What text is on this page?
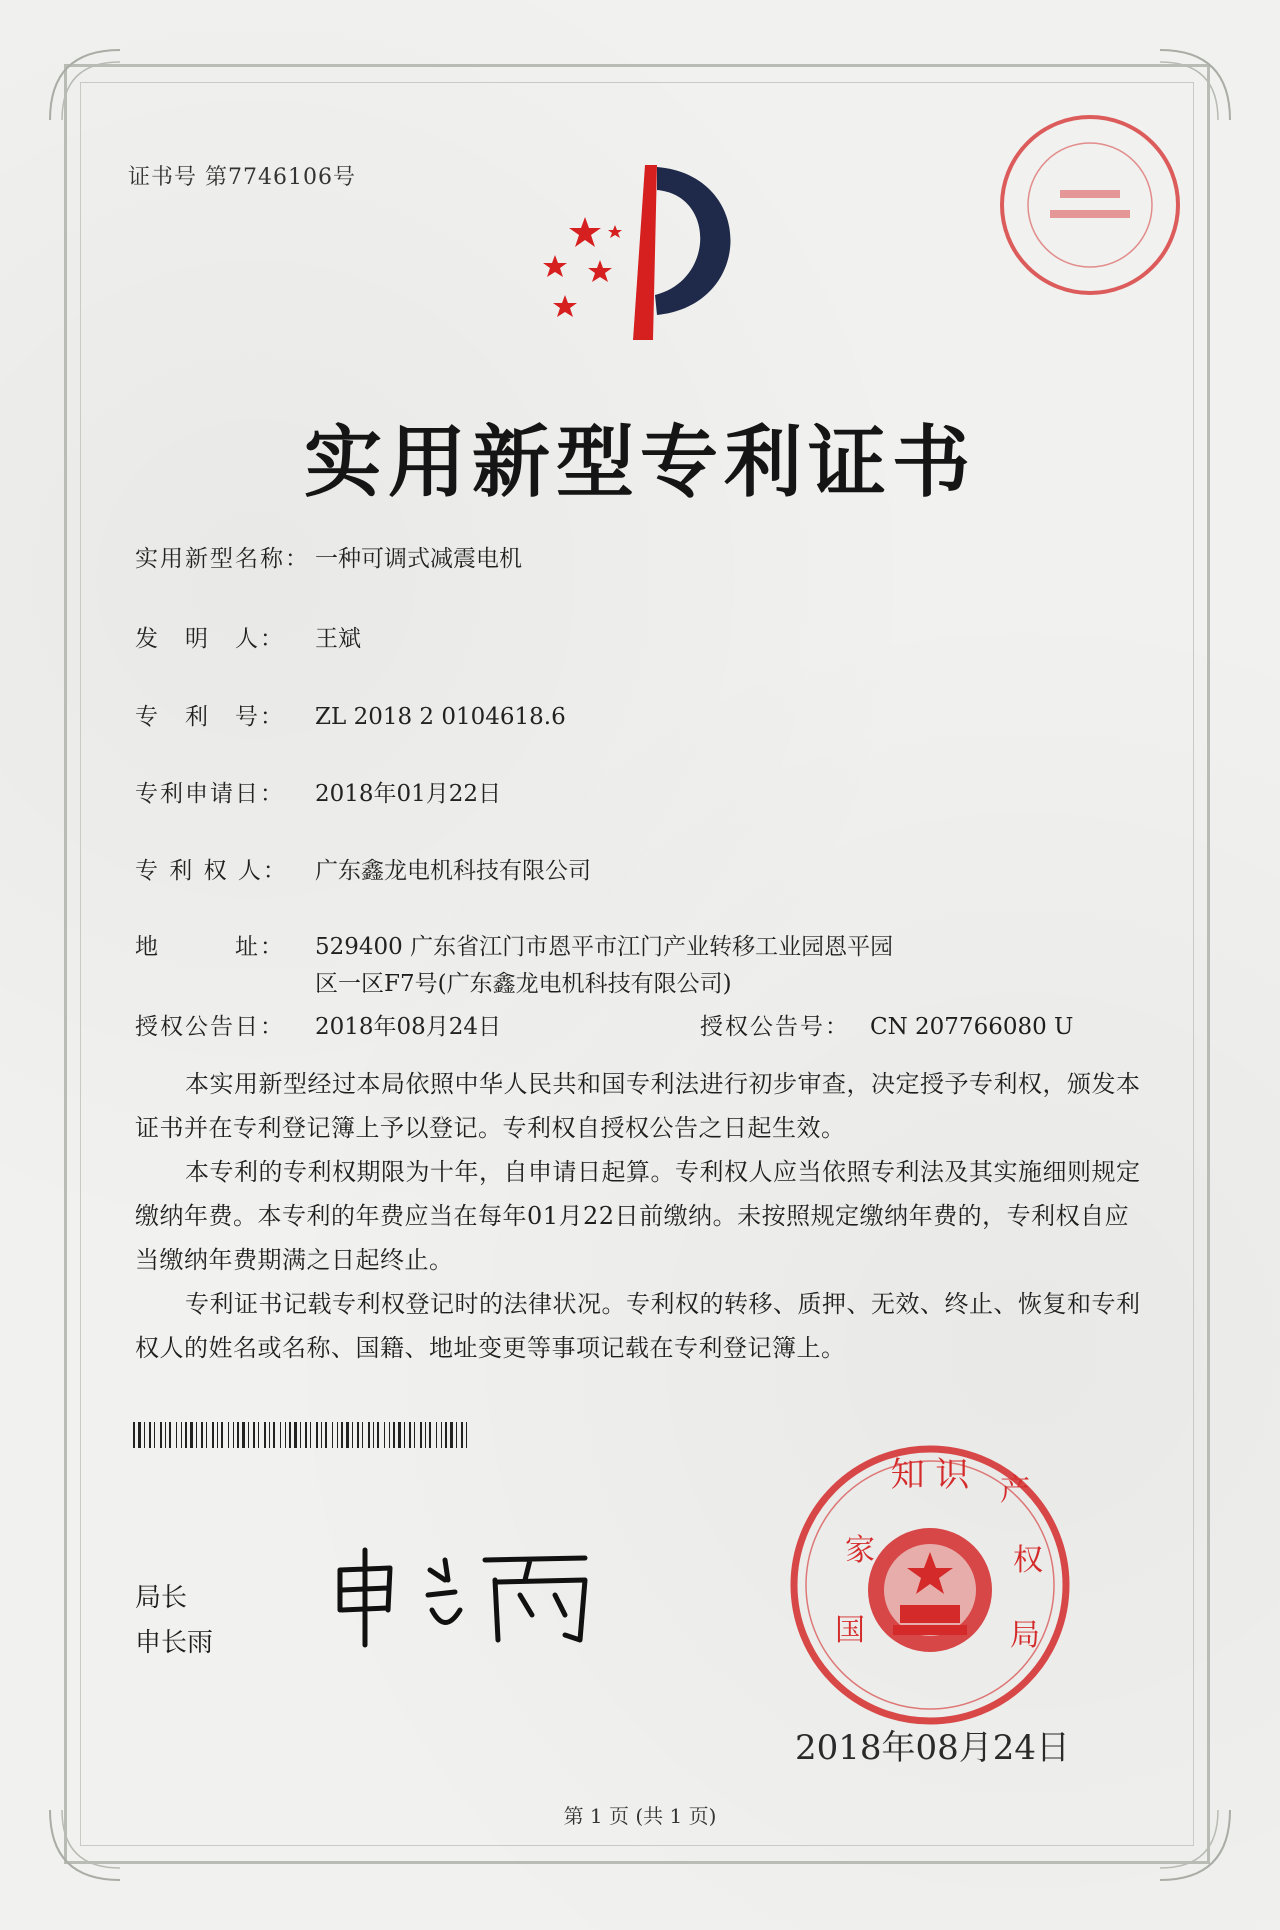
证书号 第7746106号
实用新型专利证书
实用新型名称： 一种可调式减震电机
发　明　人： 王斌
专　利　号： ZL 2018 2 0104618.6
专利申请日： 2018年01月22日
专 利 权 人： 广东鑫龙电机科技有限公司
地　　　址： 529400 广东省江门市恩平市江门产业转移工业园恩平园
区一区F7号(广东鑫龙电机科技有限公司)
授权公告日： 2018年08月24日	授权公告号： CN 207766080 U
本实用新型经过本局依照中华人民共和国专利法进行初步审查，决定授予专利权，颁发本证书并在专利登记簿上予以登记。专利权自授权公告之日起生效。
本专利的专利权期限为十年，自申请日起算。专利权人应当依照专利法及其实施细则规定缴纳年费。本专利的年费应当在每年01月22日前缴纳。未按照规定缴纳年费的，专利权自应当缴纳年费期满之日起终止。
专利证书记载专利权登记时的法律状况。专利权的转移、质押、无效、终止、恢复和专利权人的姓名或名称、国籍、地址变更等事项记载在专利登记簿上。
局长
申长雨
知 识
家
国
产
权
局
2018年08月24日
第 1 页 (共 1 页)
